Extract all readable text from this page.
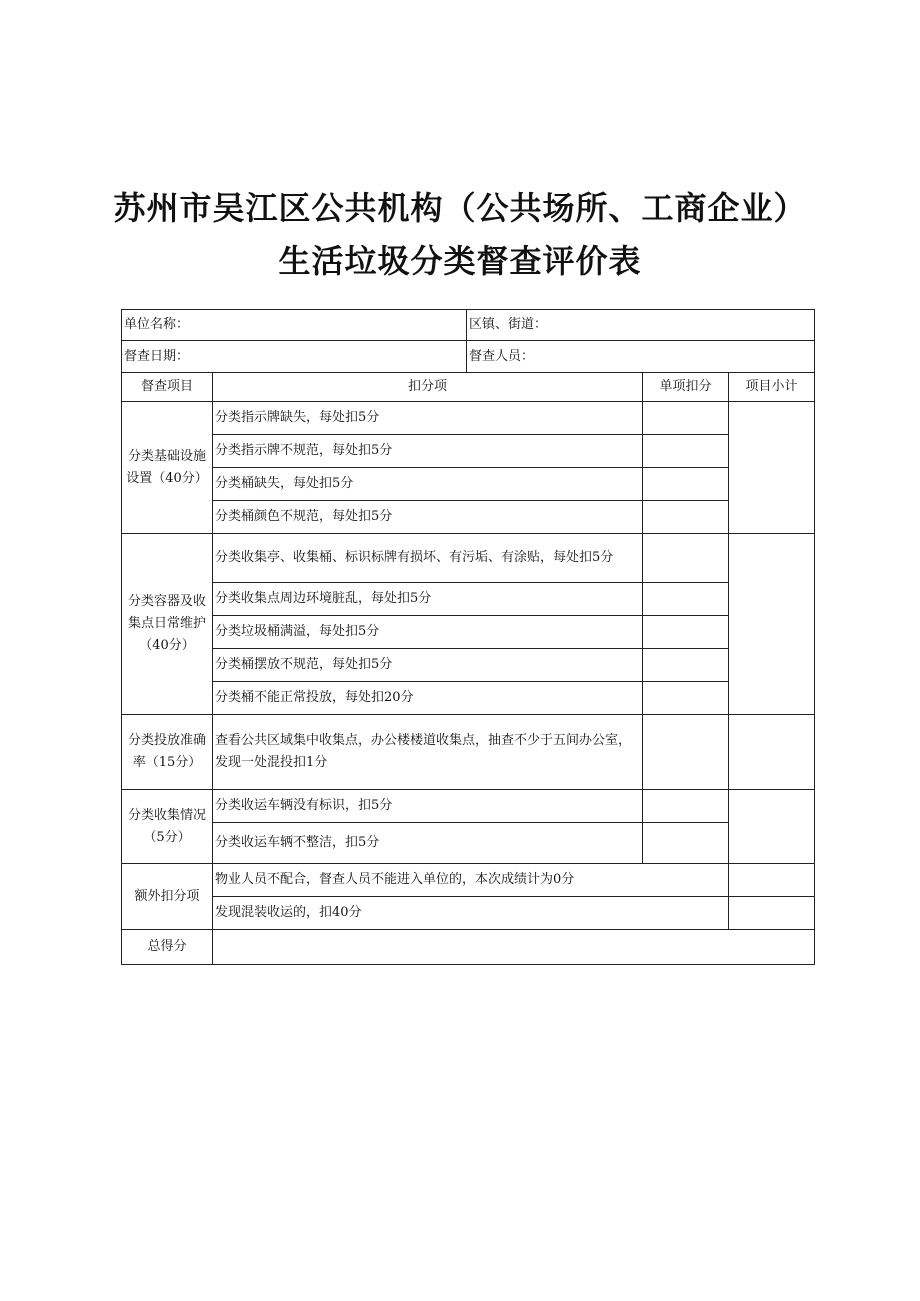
苏州市吴江区公共机构（公共场所、工商企业）
生活垃圾分类督查评价表
单位名称：		区镇、街道：		
督查日期：		督查人员：		
督查项目	扣分项		单项扣分	项目小计
分类基础设施设置（40分）	分类指示牌缺失，每处扣5分			
	分类指示牌不规范，每处扣5分			
	分类桶缺失，每处扣5分			
	分类桶颜色不规范，每处扣5分			
分类容器及收集点日常维护（40分）	分类收集亭、收集桶、标识标牌有损坏、有污垢、有涂贴，每处扣5分			
	分类收集点周边环境脏乱，每处扣5分			
	分类垃圾桶满溢，每处扣5分			
	分类桶摆放不规范，每处扣5分			
	分类桶不能正常投放，每处扣20分			
分类投放准确率（15分）	查看公共区域集中收集点，办公楼楼道收集点，抽查不少于五间办公室，发现一处混投扣1分			
分类收集情况（5分）	分类收运车辆没有标识，扣5分			
	分类收运车辆不整洁，扣5分			
额外扣分项	物业人员不配合，督查人员不能进入单位的，本次成绩计为0分			
	发现混装收运的，扣40分			
总得分				
